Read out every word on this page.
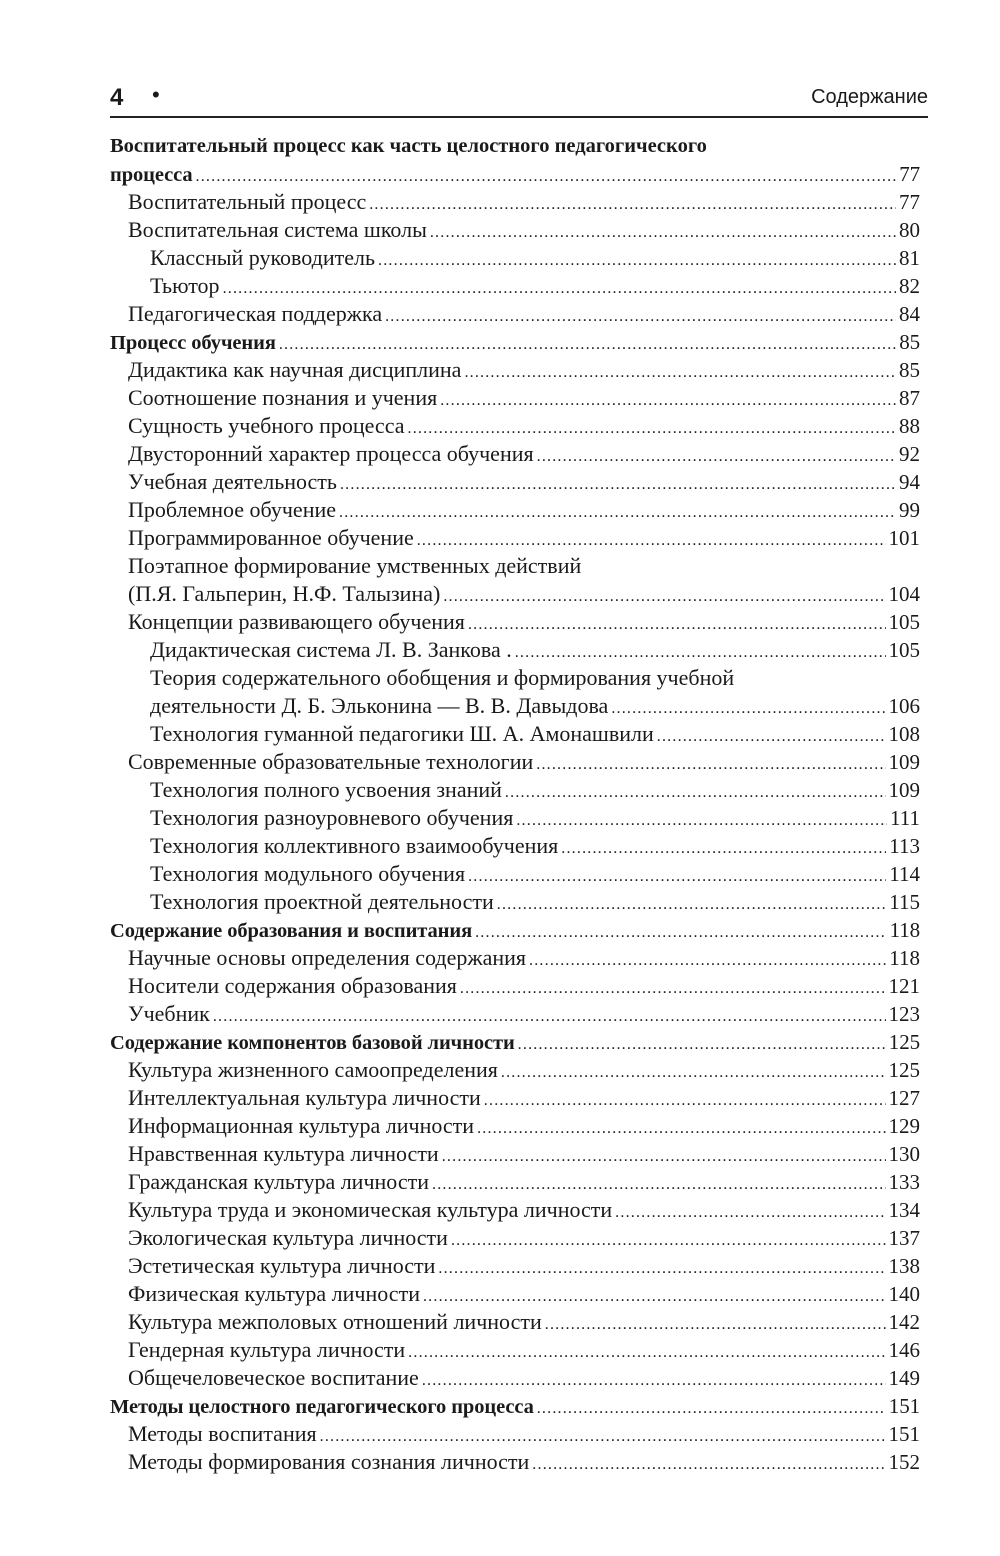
4 •	Содержание
Воспитательный процесс как часть целостного педагогического
процесса .....	77
Воспитательный процесс .....	77
Воспитательная система школы .....	80
Классный руководитель .....	81
Тьютор .....	82
Педагогическая поддержка .....	84
Процесс обучения .....	85
Дидактика как научная дисциплина .....	85
Соотношение познания и учения .....	87
Сущность учебного процесса .....	88
Двусторонний характер процесса обучения .....	92
Учебная деятельность .....	94
Проблемное обучение .....	99
Программированное обучение .....	101
Поэтапное формирование умственных действий
(П.Я. Гальперин, Н.Ф. Талызина) .....	104
Концепции развивающего обучения .....	105
Дидактическая система Л. В. Занкова . .....	105
Теория содержательного обобщения и формирования учебной
деятельности Д. Б. Эльконина — В. В. Давыдова .....	106
Технология гуманной педагогики Ш. А. Амонашвили .....	108
Современные образовательные технологии .....	109
Технология полного усвоения знаний .....	109
Технология разноуровневого обучения .....	111
Технология коллективного взаимообучения .....	113
Технология модульного обучения .....	114
Технология проектной деятельности .....	115
Содержание образования и воспитания .....	118
Научные основы определения содержания .....	118
Носители содержания образования .....	121
Учебник .....	123
Содержание компонентов базовой личности .....	125
Культура жизненного самоопределения .....	125
Интеллектуальная культура личности .....	127
Информационная культура личности .....	129
Нравственная культура личности .....	130
Гражданская культура личности .....	133
Культура труда и экономическая культура личности .....	134
Экологическая культура личности .....	137
Эстетическая культура личности .....	138
Физическая культура личности .....	140
Культура межполовых отношений личности .....	142
Гендерная культура личности .....	146
Общечеловеческое воспитание .....	149
Методы целостного педагогического процесса .....	151
Методы воспитания .....	151
Методы формирования сознания личности .....	152
